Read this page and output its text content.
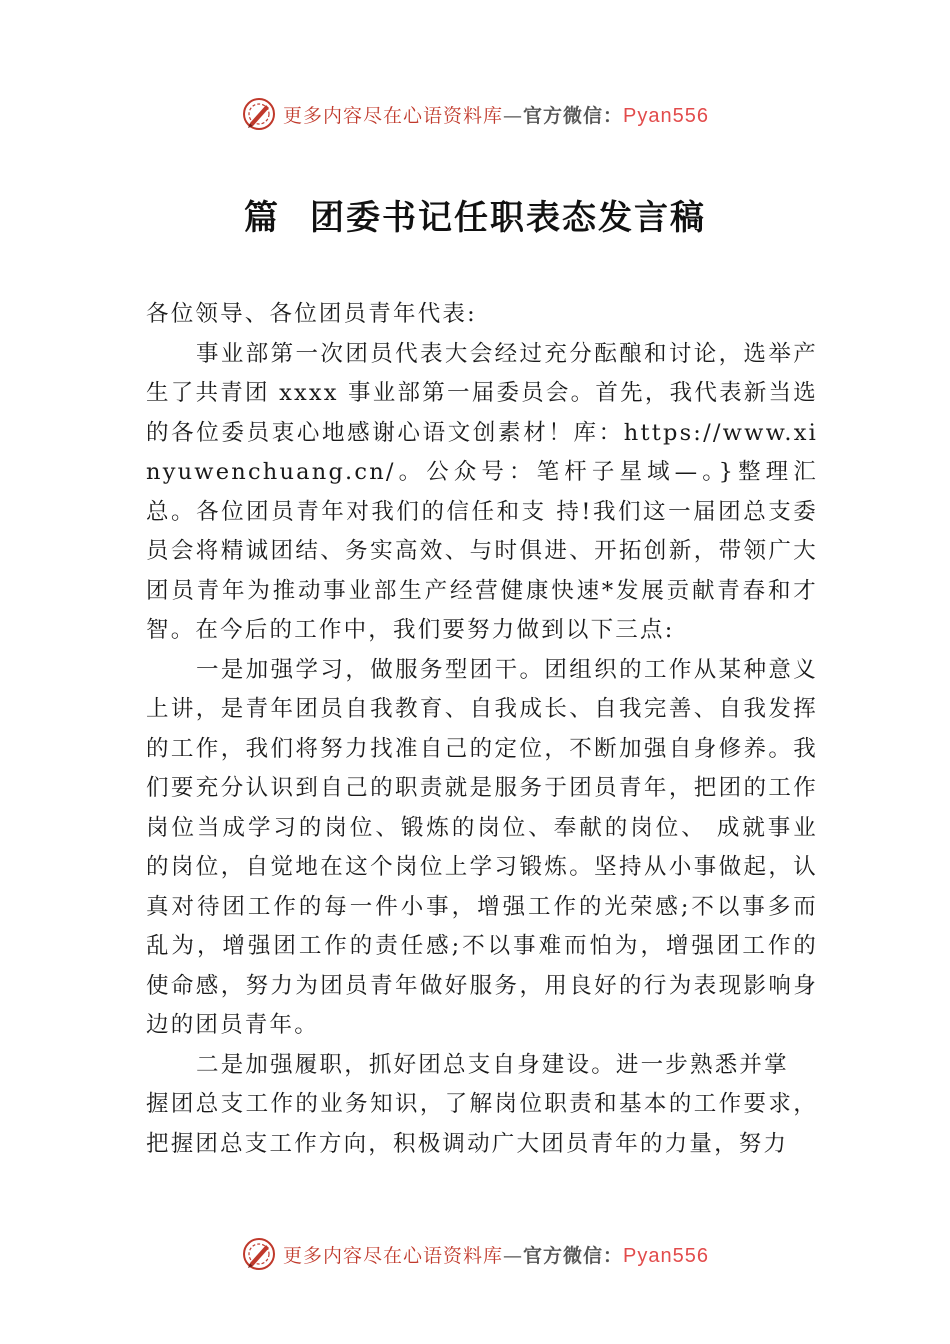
更多内容尽在心语资料库—官方微信：Pyan556
篇 团委书记任职表态发言稿

各位领导、各位团员青年代表:

事业部第一次团员代表大会经过充分酝酿和讨论，选举产生了共青团 xxxx 事业部第一届委员会。首先，我代表新当选的各位委员衷心地感谢心语文创素材！库：https://www.xinyuwenchuang.cn/。公众号：笔杆子星域—。}整理汇总。各位团员青年对我们的信任和支 持!我们这一届团总支委员会将精诚团结、务实高效、与时俱进、开拓创新，带领广大团员青年为推动事业部生产经营健康快速*发展贡献青春和才智。在今后的工作中，我们要努力做到以下三点:

一是加强学习，做服务型团干。团组织的工作从某种意义上讲，是青年团员自我教育、自我成长、自我完善、自我发挥的工作，我们将努力找准自己的定位，不断加强自身修养。我们要充分认识到自己的职责就是服务于团员青年，把团的工作岗位当成学习的岗位、锻炼的岗位、奉献的岗位、 成就事业的岗位，自觉地在这个岗位上学习锻炼。坚持从小事做起，认真对待团工作的每一件小事，增强工作的光荣感;不以事多而乱为，增强团工作的责任感;不以事难而怕为，增强团工作的使命感，努力为团员青年做好服务，用良好的行为表现影响身边的团员青年。

二是加强履职，抓好团总支自身建设。进一步熟悉并掌

握团总支工作的业务知识，了解岗位职责和基本的工作要求，把握团总支工作方向，积极调动广大团员青年的力量，努力

更多内容尽在心语资料库—官方微信：Pyan556
